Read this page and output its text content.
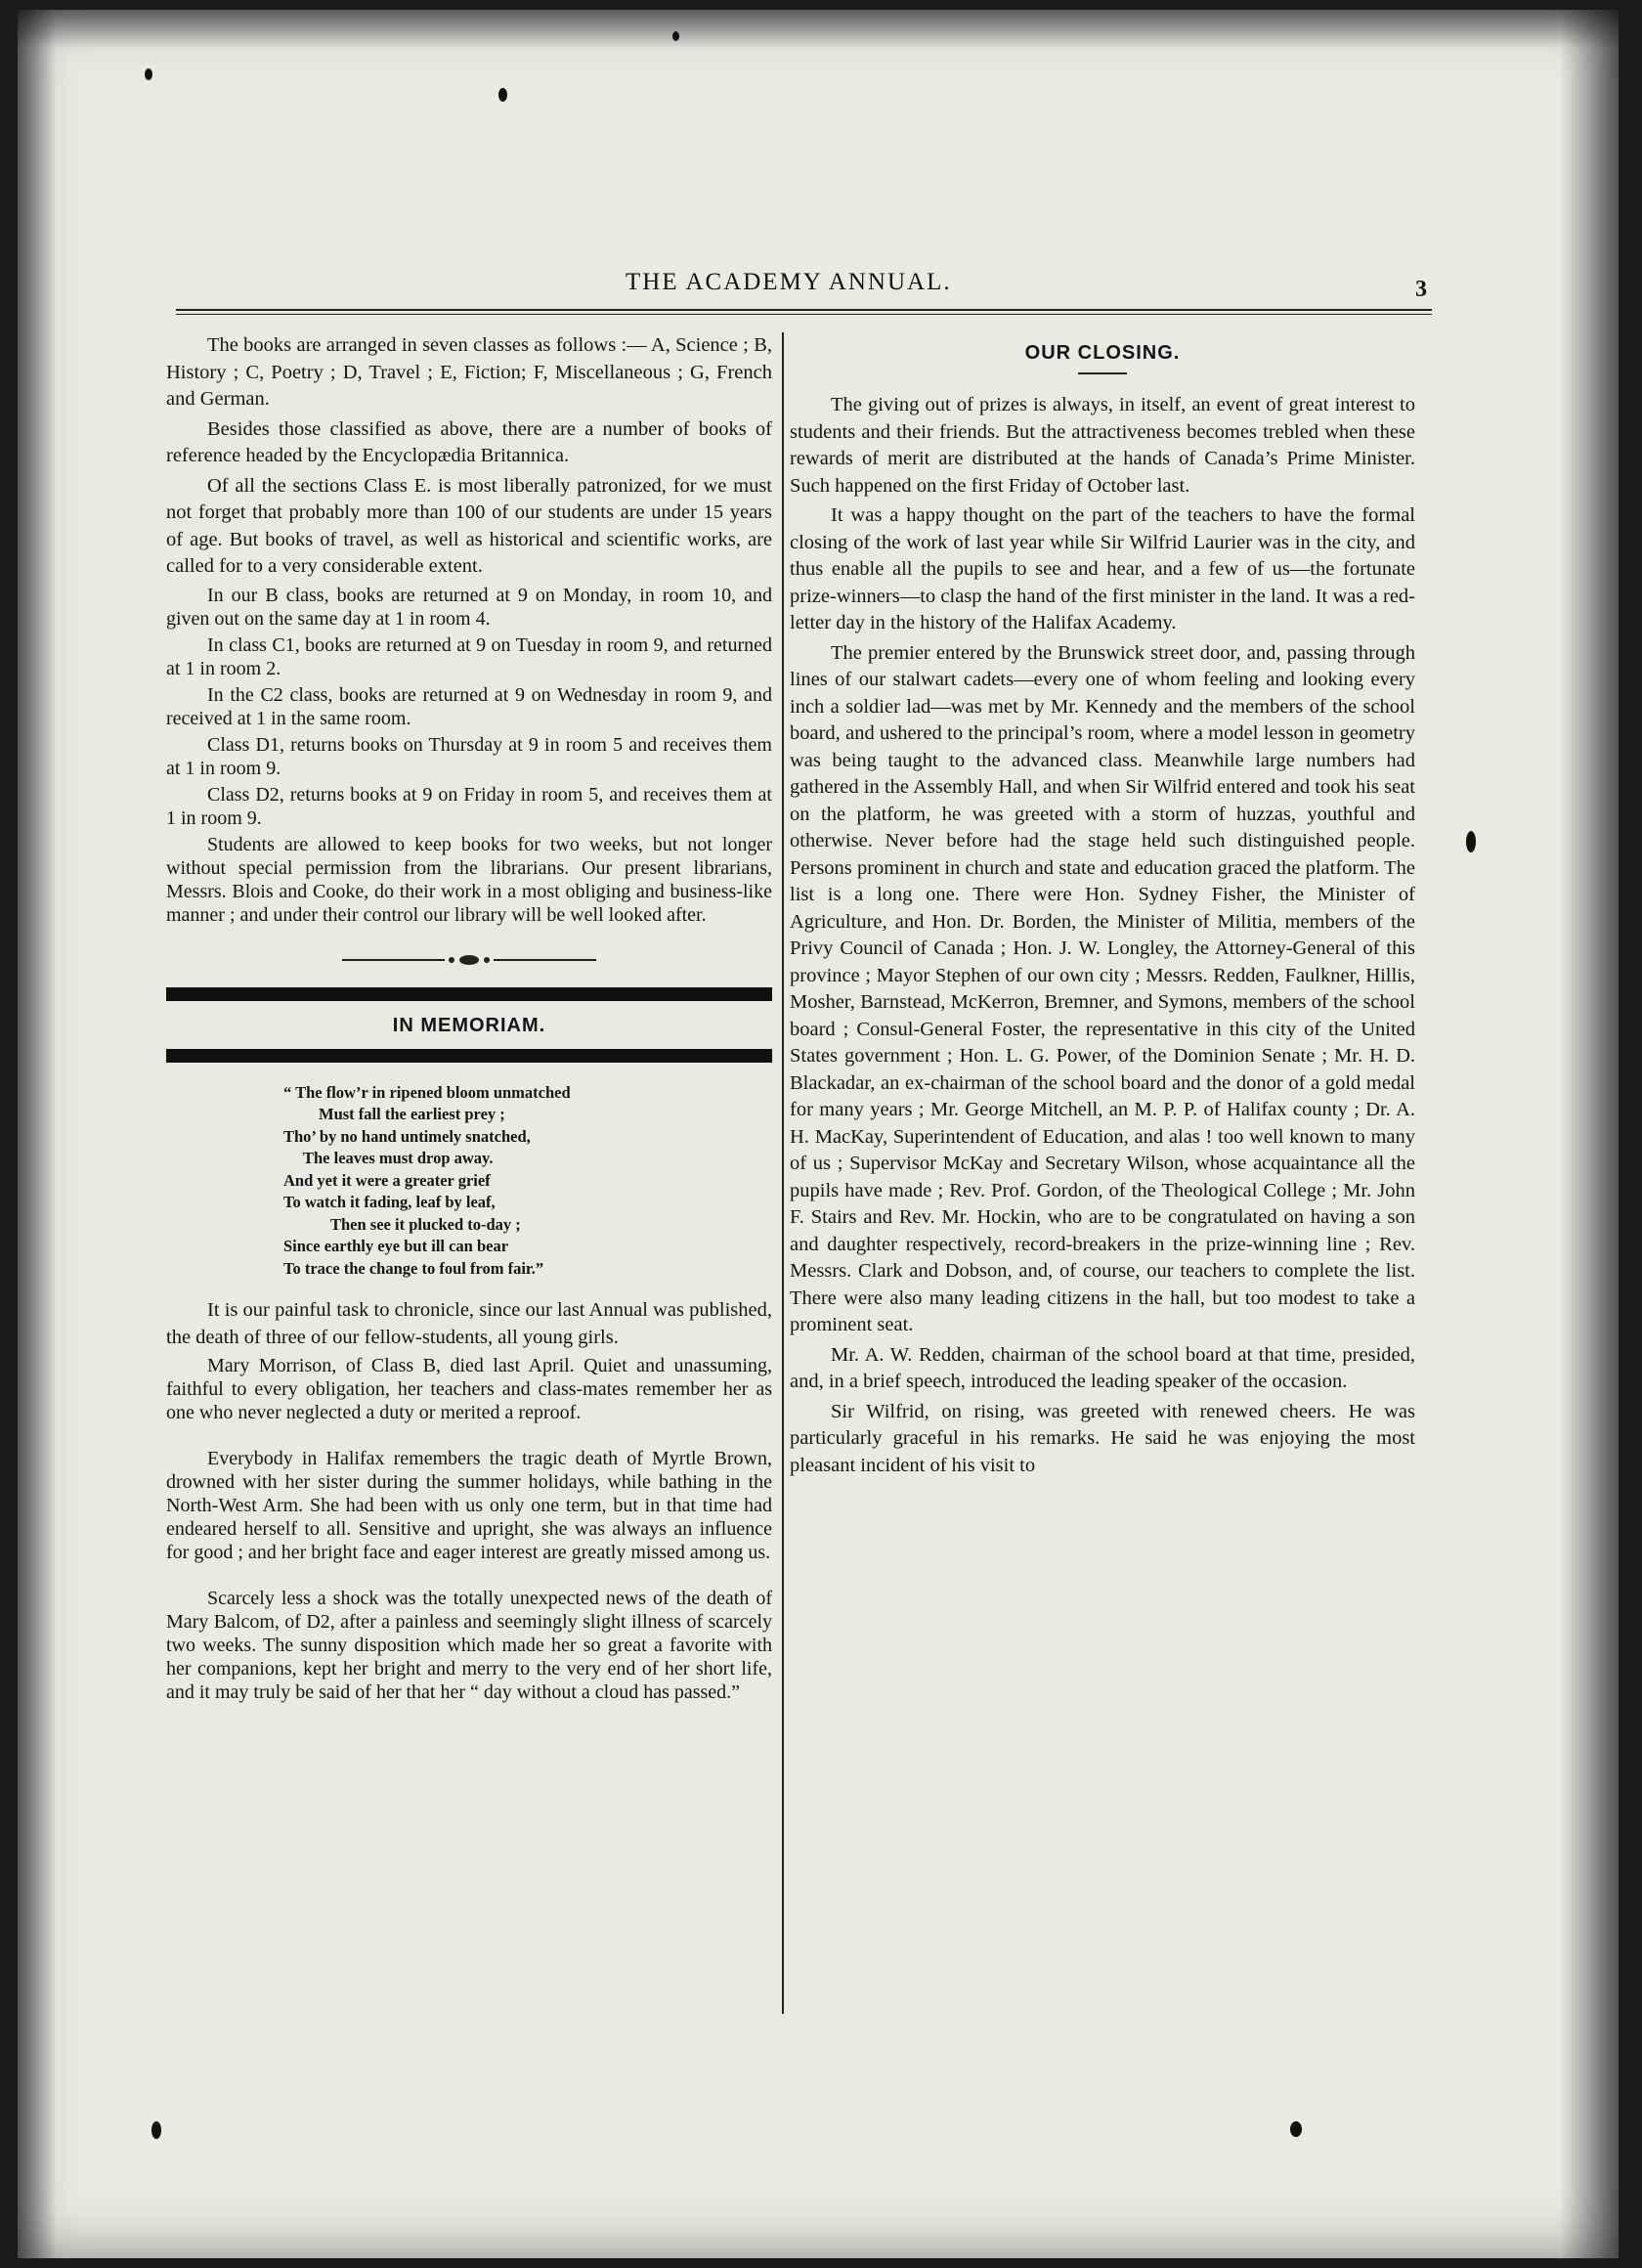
THE ACADEMY ANNUAL.	3

The books are arranged in seven classes as follows :— A, Science ; B, History ; C, Poetry ; D, Travel ; E, Fiction; F, Miscellaneous ; G, French and German.

Besides those classified as above, there are a number of books of reference headed by the Encyclopædia Britannica.

Of all the sections Class E. is most liberally patronized, for we must not forget that probably more than 100 of our students are under 15 years of age. But books of travel, as well as historical and scientific works, are called for to a very considerable extent.

In our B class, books are returned at 9 on Monday, in room 10, and given out on the same day at 1 in room 4.

In class C1, books are returned at 9 on Tuesday in room 9, and returned at 1 in room 2.

In the C2 class, books are returned at 9 on Wednesday in room 9, and received at 1 in the same room.

Class D1, returns books on Thursday at 9 in room 5 and receives them at 1 in room 9.

Class D2, returns books at 9 on Friday in room 5, and receives them at 1 in room 9.

Students are allowed to keep books for two weeks, but not longer without special permission from the librarians. Our present librarians, Messrs. Blois and Cooke, do their work in a most obliging and business-like manner ; and under their control our library will be well looked after.

IN MEMORIAM.
“ The flow’r in ripened bloom unmatched
Must fall the earliest prey ;
Tho’ by no hand untimely snatched,
The leaves must drop away.
And yet it were a greater grief
To watch it fading, leaf by leaf,
Then see it plucked to-day ;
Since earthly eye but ill can bear
To trace the change to foul from fair.”

It is our painful task to chronicle, since our last Annual was published, the death of three of our fellow-students, all young girls.

Mary Morrison, of Class B, died last April. Quiet and unassuming, faithful to every obligation, her teachers and class-mates remember her as one who never neglected a duty or merited a reproof.

Everybody in Halifax remembers the tragic death of Myrtle Brown, drowned with her sister during the summer holidays, while bathing in the North-West Arm. She had been with us only one term, but in that time had endeared herself to all. Sensitive and upright, she was always an influence for good ; and her bright face and eager interest are greatly missed among us.

Scarcely less a shock was the totally unexpected news of the death of Mary Balcom, of D2, after a painless and seemingly slight illness of scarcely two weeks. The sunny disposition which made her so great a favorite with her companions, kept her bright and merry to the very end of her short life, and it may truly be said of her that her “ day without a cloud has passed.”

OUR CLOSING.

The giving out of prizes is always, in itself, an event of great interest to students and their friends. But the attractiveness becomes trebled when these rewards of merit are distributed at the hands of Canada’s Prime Minister. Such happened on the first Friday of October last.

It was a happy thought on the part of the teachers to have the formal closing of the work of last year while Sir Wilfrid Laurier was in the city, and thus enable all the pupils to see and hear, and a few of us—the fortunate prize-winners—to clasp the hand of the first minister in the land. It was a red-letter day in the history of the Halifax Academy.

The premier entered by the Brunswick street door, and, passing through lines of our stalwart cadets—every one of whom feeling and looking every inch a soldier lad—was met by Mr. Kennedy and the members of the school board, and ushered to the principal’s room, where a model lesson in geometry was being taught to the advanced class. Meanwhile large numbers had gathered in the Assembly Hall, and when Sir Wilfrid entered and took his seat on the platform, he was greeted with a storm of huzzas, youthful and otherwise. Never before had the stage held such distinguished people. Persons prominent in church and state and education graced the platform. The list is a long one. There were Hon. Sydney Fisher, the Minister of Agriculture, and Hon. Dr. Borden, the Minister of Militia, members of the Privy Council of Canada ; Hon. J. W. Longley, the Attorney-General of this province ; Mayor Stephen of our own city ; Messrs. Redden, Faulkner, Hillis, Mosher, Barnstead, McKerron, Bremner, and Symons, members of the school board ; Consul-General Foster, the representative in this city of the United States government ; Hon. L. G. Power, of the Dominion Senate ; Mr. H. D. Blackadar, an ex-chairman of the school board and the donor of a gold medal for many years ; Mr. George Mitchell, an M. P. P. of Halifax county ; Dr. A. H. MacKay, Superintendent of Education, and alas ! too well known to many of us ; Supervisor McKay and Secretary Wilson, whose acquaintance all the pupils have made ; Rev. Prof. Gordon, of the Theological College ; Mr. John F. Stairs and Rev. Mr. Hockin, who are to be congratulated on having a son and daughter respectively, record-breakers in the prize-winning line ; Rev. Messrs. Clark and Dobson, and, of course, our teachers to complete the list. There were also many leading citizens in the hall, but too modest to take a prominent seat.

Mr. A. W. Redden, chairman of the school board at that time, presided, and, in a brief speech, introduced the leading speaker of the occasion.

Sir Wilfrid, on rising, was greeted with renewed cheers. He was particularly graceful in his remarks. He said he was enjoying the most pleasant incident of his visit to
